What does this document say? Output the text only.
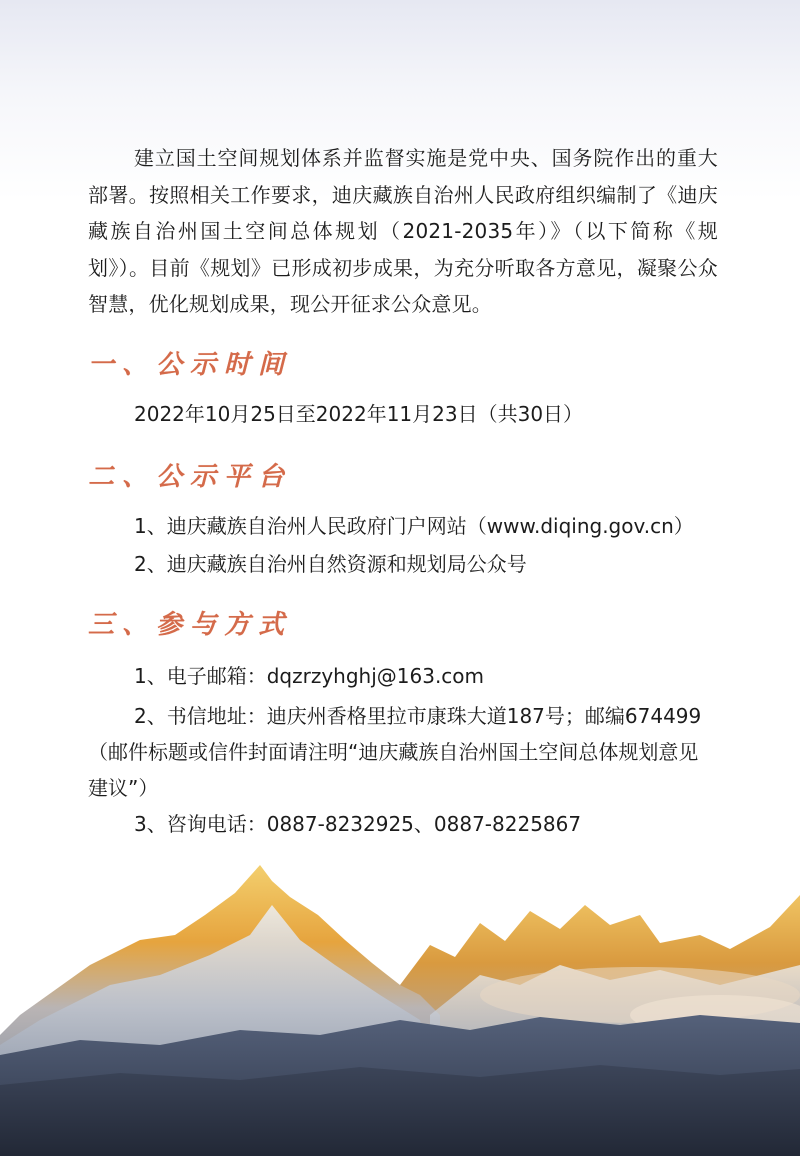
建立国土空间规划体系并监督实施是党中央、国务院作出的重大部署。按照相关工作要求，迪庆藏族自治州人民政府组织编制了《迪庆藏族自治州国土空间总体规划（2021-2035年）》（以下简称《规划》）。目前《规划》已形成初步成果，为充分听取各方意见，凝聚公众智慧，优化规划成果，现公开征求公众意见。

一、公示时间

2022年10月25日至2022年11月23日（共30日）

二、公示平台

1、迪庆藏族自治州人民政府门户网站（www.diqing.gov.cn）

2、迪庆藏族自治州自然资源和规划局公众号

三、参与方式

1、电子邮箱：dqzrzyhghj@163.com

2、书信地址：迪庆州香格里拉市康珠大道187号；邮编674499（邮件标题或信件封面请注明“迪庆藏族自治州国土空间总体规划意见建议”）

3、咨询电话：0887-8232925、0887-8225867
